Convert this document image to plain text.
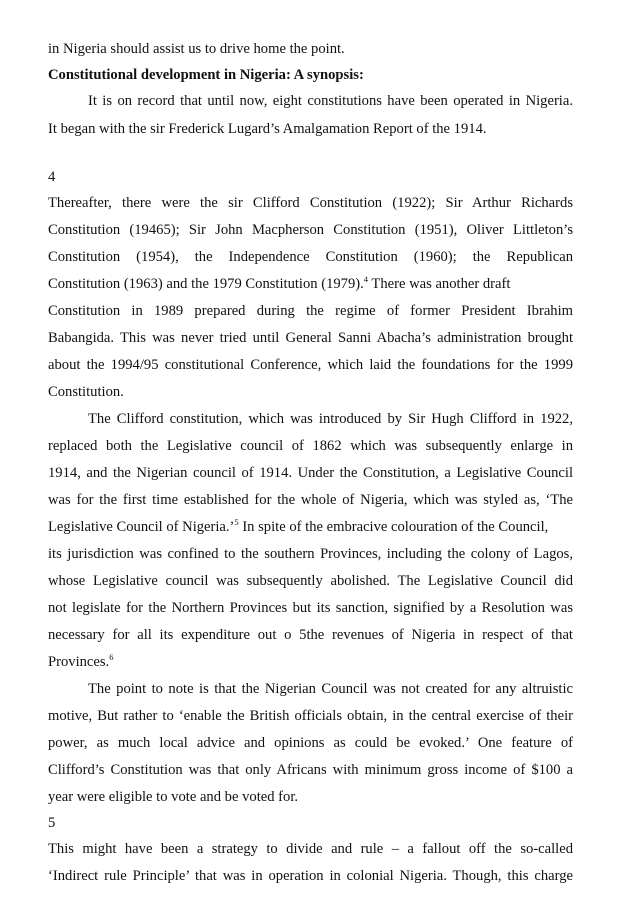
in Nigeria should assist us to drive home the point.
Constitutional development in Nigeria: A synopsis:
It is on record that until now, eight constitutions have been operated in Nigeria.
It began with the sir Frederick Lugard’s Amalgamation Report of the 1914.
4
Thereafter, there were the sir Clifford Constitution (1922); Sir Arthur Richards
Constitution (19465); Sir John Macpherson Constitution (1951), Oliver Littleton’s
Constitution (1954), the Independence Constitution (1960); the Republican
Constitution (1963) and the 1979 Constitution (1979).$^4$ There was another draft
Constitution in 1989 prepared during the regime of former President Ibrahim
Babangida. This was never tried until General Sanni Abacha’s administration brought
about the 1994/95 constitutional Conference, which laid the foundations for the 1999
Constitution.
The Clifford constitution, which was introduced by Sir Hugh Clifford in 1922,
replaced both the Legislative council of 1862 which was subsequently enlarge in
1914, and the Nigerian council of 1914. Under the Constitution, a Legislative Council
was for the first time established for the whole of Nigeria, which was styled as, ‘The
Legislative Council of Nigeria.’$^5$ In spite of the embracive colouration of the Council,
its jurisdiction was confined to the southern Provinces, including the colony of Lagos,
whose Legislative council was subsequently abolished. The Legislative Council did
not legislate for the Northern Provinces but its sanction, signified by a Resolution was
necessary for all its expenditure out o 5the revenues of Nigeria in respect of that
Provinces.$^6$
The point to note is that the Nigerian Council was not created for any altruistic
motive, But rather to ‘enable the British officials obtain, in the central exercise of their
power, as much local advice and opinions as could be evoked.’ One feature of
Clifford’s Constitution was that only Africans with minimum gross income of $100 a
year were eligible to vote and be voted for.
5
This might have been a strategy to divide and rule – a fallout off the so-called
‘Indirect rule Principle’ that was in operation in colonial Nigeria. Though, this charge
